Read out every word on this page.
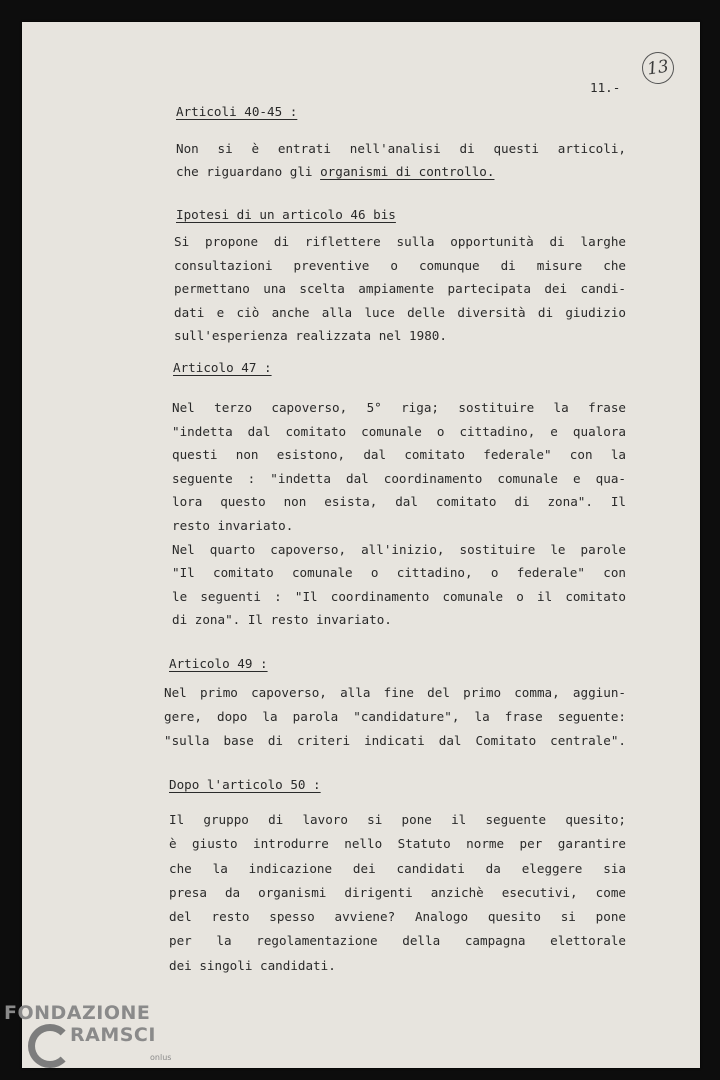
11.-
13
Articoli 40-45 :
Non si è entrati nell'analisi di questi articoli,
che riguardano gli organismi di controllo.
Ipotesi di un articolo 46 bis
Si propone di riflettere sulla opportunità di larghe
consultazioni preventive o comunque di misure che
permettano una scelta ampiamente partecipata dei candi-
dati e ciò anche alla luce delle diversità di giudizio
sull'esperienza realizzata nel 1980.
Articolo 47 :
Nel terzo capoverso, 5° riga; sostituire la frase
"indetta dal comitato comunale o cittadino, e qualora
questi non esistono, dal comitato federale" con la
seguente : "indetta dal coordinamento comunale e qua-
lora questo non esista, dal comitato di zona". Il
resto invariato.
Nel quarto capoverso, all'inizio, sostituire le parole
"Il comitato comunale o cittadino, o federale" con
le seguenti : "Il coordinamento comunale o il comitato
di zona". Il resto invariato.
Articolo 49 :
Nel primo capoverso, alla fine del primo comma, aggiun-
gere, dopo la parola "candidature", la frase seguente:
"sulla base di criteri indicati dal Comitato centrale".
Dopo l'articolo 50 :
Il gruppo di lavoro si pone il seguente quesito;
è giusto introdurre nello Statuto norme per garantire
che la indicazione dei candidati da eleggere sia
presa da organismi dirigenti anzichè esecutivi, come
del resto spesso avviene? Analogo quesito si pone
per la regolamentazione della campagna elettorale
dei singoli candidati.
FONDAZIONE
RAMSCI
onlus
